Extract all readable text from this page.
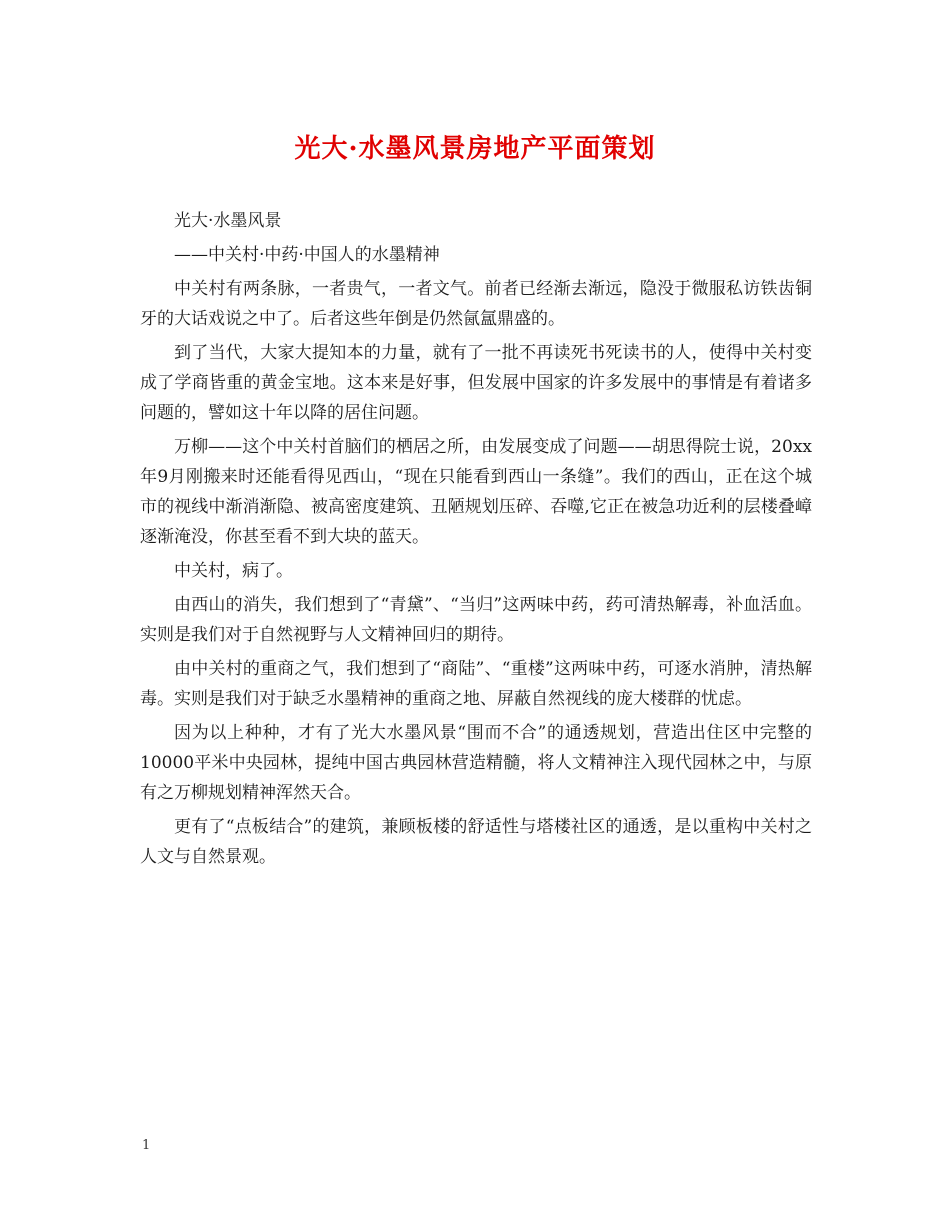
光大·水墨风景房地产平面策划

光大·水墨风景

——中关村·中药·中国人的水墨精神

中关村有两条脉，一者贵气，一者文气。前者已经渐去渐远，隐没于微服私访铁齿铜牙的大话戏说之中了。后者这些年倒是仍然氤氲鼎盛的。

到了当代，大家大提知本的力量，就有了一批不再读死书死读书的人，使得中关村变成了学商皆重的黄金宝地。这本来是好事，但发展中国家的许多发展中的事情是有着诸多问题的，譬如这十年以降的居住问题。

万柳——这个中关村首脑们的栖居之所，由发展变成了问题——胡思得院士说，20xx年9月刚搬来时还能看得见西山，“现在只能看到西山一条缝”。我们的西山，正在这个城市的视线中渐消渐隐、被高密度建筑、丑陋规划压碎、吞噬,它正在被急功近利的层楼叠嶂逐渐淹没，你甚至看不到大块的蓝天。

中关村，病了。

由西山的消失，我们想到了“青黛”、“当归”这两味中药，药可清热解毒，补血活血。实则是我们对于自然视野与人文精神回归的期待。

由中关村的重商之气，我们想到了“商陆”、“重楼”这两味中药，可逐水消肿，清热解毒。实则是我们对于缺乏水墨精神的重商之地、屏蔽自然视线的庞大楼群的忧虑。

因为以上种种，才有了光大水墨风景“围而不合”的通透规划，营造出住区中完整的10000平米中央园林，提纯中国古典园林营造精髓，将人文精神注入现代园林之中，与原有之万柳规划精神浑然天合。

更有了“点板结合”的建筑，兼顾板楼的舒适性与塔楼社区的通透，是以重构中关村之人文与自然景观。

1
